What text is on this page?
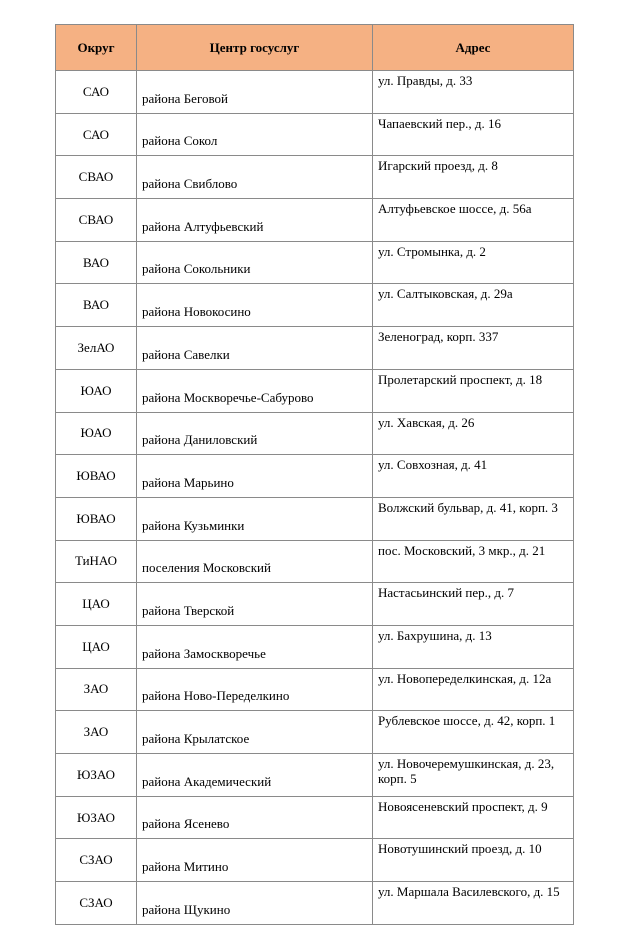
Округ	Центр госуслуг	Адрес
САО	района Беговой	ул. Правды, д. 33
САО	района Сокол	Чапаевский пер., д. 16
СВАО	района Свиблово	Игарский проезд, д. 8
СВАО	района Алтуфьевский	Алтуфьевское шоссе, д. 56а
ВАО	района Сокольники	ул. Стромынка, д. 2
ВАО	района Новокосино	ул. Салтыковская, д. 29а
ЗелАО	района Савелки	Зеленоград, корп. 337
ЮАО	района Москворечье-Сабурово	Пролетарский проспект, д. 18
ЮАО	района Даниловский	ул. Хавская, д. 26
ЮВАО	района Марьино	ул. Совхозная, д. 41
ЮВАО	района Кузьминки	Волжский бульвар, д. 41, корп. 3
ТиНАО	поселения Московский	пос. Московский, 3 мкр., д. 21
ЦАО	района Тверской	Настасьинский пер., д. 7
ЦАО	района Замоскворечье	ул. Бахрушина, д. 13
ЗАО	района Ново-Переделкино	ул. Новопеределкинская, д. 12а
ЗАО	района Крылатское	Рублевское шоссе, д. 42, корп. 1
ЮЗАО	района Академический	ул. Новочеремушкинская, д. 23, корп. 5
ЮЗАО	района Ясенево	Новоясеневский проспект, д. 9
СЗАО	района Митино	Новотушинский проезд, д. 10
СЗАО	района Щукино	ул. Маршала Василевского, д. 15
